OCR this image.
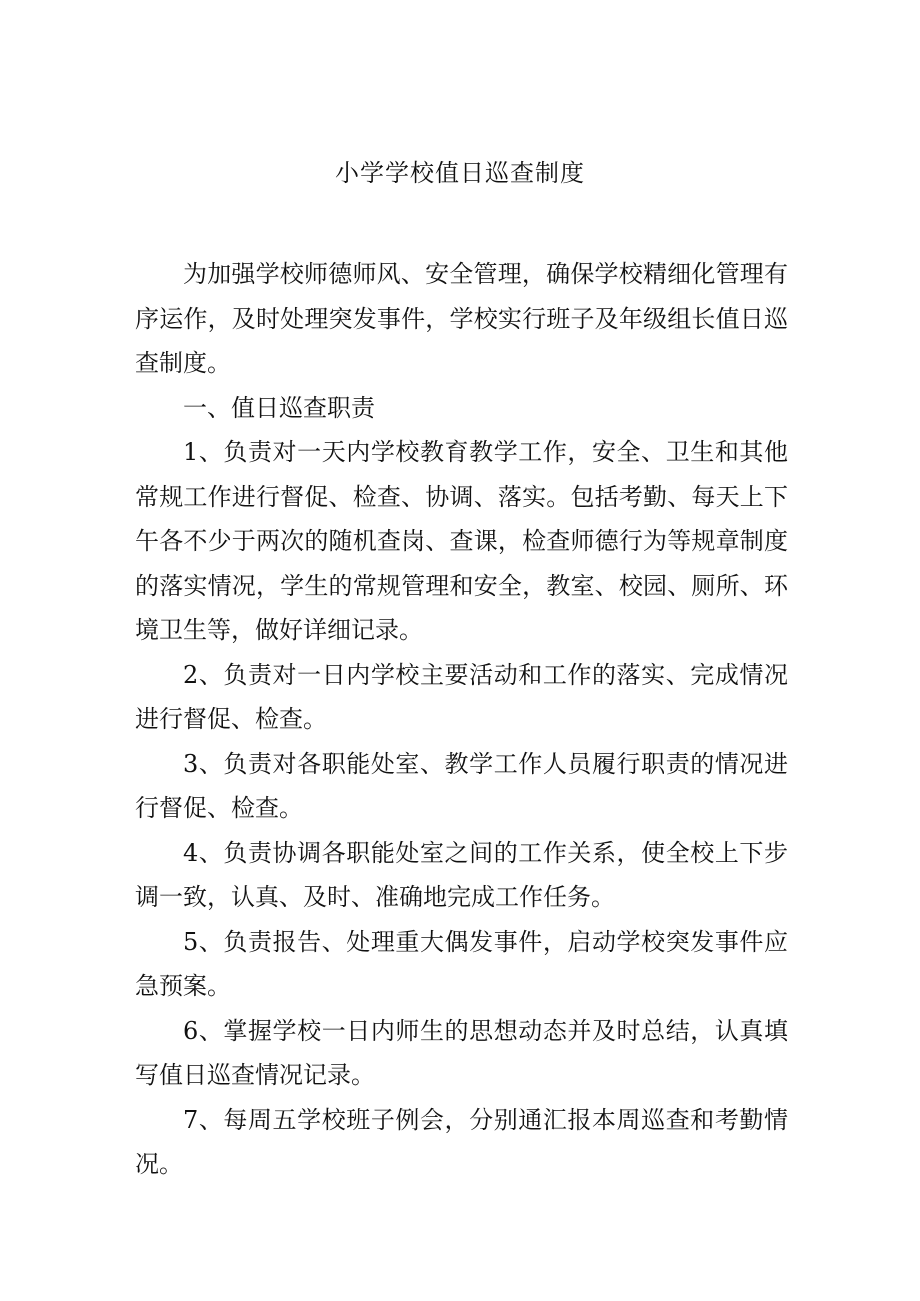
小学学校值日巡查制度

为加强学校师德师风、安全管理，确保学校精细化管理有序运作，及时处理突发事件，学校实行班子及年级组长值日巡查制度。

一、值日巡查职责

1、负责对一天内学校教育教学工作，安全、卫生和其他常规工作进行督促、检查、协调、落实。包括考勤、每天上下午各不少于两次的随机查岗、查课，检查师德行为等规章制度的落实情况，学生的常规管理和安全，教室、校园、厕所、环境卫生等，做好详细记录。

2、负责对一日内学校主要活动和工作的落实、完成情况进行督促、检查。

3、负责对各职能处室、教学工作人员履行职责的情况进行督促、检查。

4、负责协调各职能处室之间的工作关系，使全校上下步调一致，认真、及时、准确地完成工作任务。

5、负责报告、处理重大偶发事件，启动学校突发事件应急预案。

6、掌握学校一日内师生的思想动态并及时总结，认真填写值日巡查情况记录。

7、每周五学校班子例会，分别通汇报本周巡查和考勤情况。
